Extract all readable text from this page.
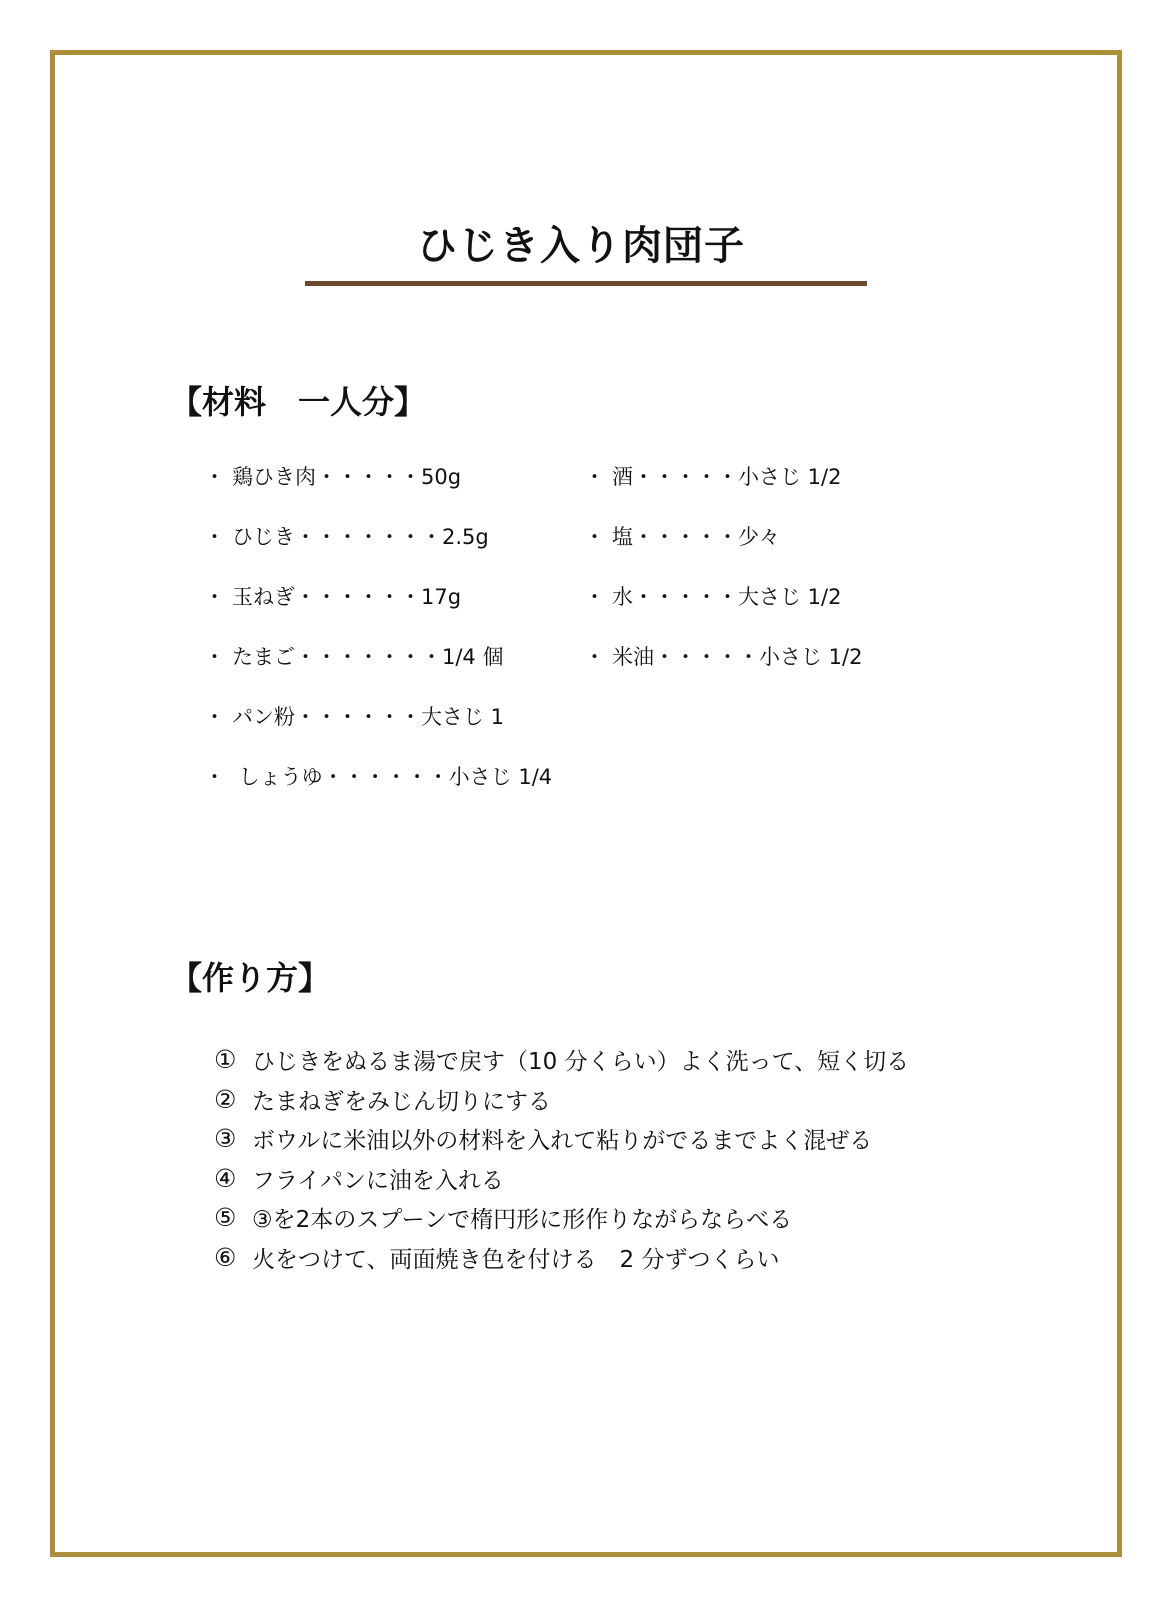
ひじき入り肉団子
【材料　一人分】
・ 鶏ひき肉・・・・・50g
・ ひじき・・・・・・・2.5g
・ 玉ねぎ・・・・・・17g
・ たまご・・・・・・・1/4 個
・ パン粉・・・・・・大さじ 1
・ しょうゆ・・・・・・小さじ 1/4
・ 酒・・・・・小さじ 1/2
・ 塩・・・・・少々
・ 水・・・・・大さじ 1/2
・ 米油・・・・・小さじ 1/2
【作り方】
① ひじきをぬるま湯で戻す（10 分くらい）よく洗って、短く切る
② たまねぎをみじん切りにする
③ ボウルに米油以外の材料を入れて粘りがでるまでよく混ぜる
④ フライパンに油を入れる
⑤ ③を2本のスプーンで楕円形に形作りながらならべる
⑥ 火をつけて、両面焼き色を付ける　2 分ずつくらい
